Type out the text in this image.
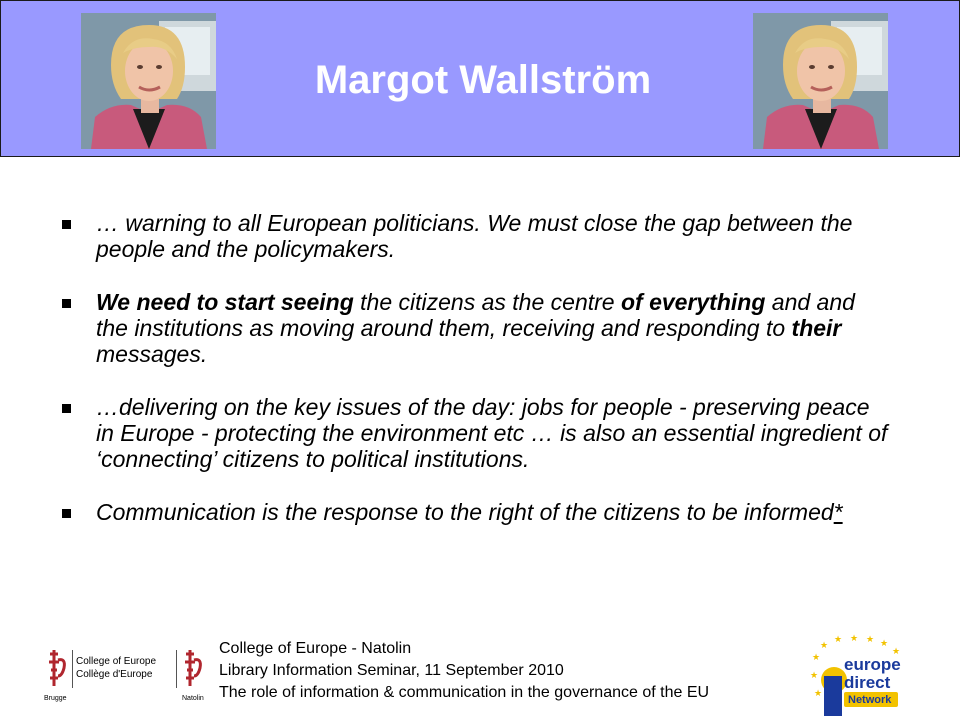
Margot Wallström
… warning to all European politicians. We must close the gap between the people and the policymakers.
We need to start seeing the citizens as the centre of everything and and the institutions as moving around them, receiving and responding to their messages.
…delivering on the key issues of the day: jobs for people - preserving peace in Europe - protecting the environment etc … is also an essential ingredient of ‘connecting’ citizens to political institutions.
Communication is the response to the right of the citizens to be informed*
Brugge
College of Europe
Collège d'Europe
Natolin
College of Europe - Natolin
Library Information Seminar, 11 September 2010
The role of information & communication in the governance of the EU
★
★ ★ ★ ★
★
★
★
★
europe
direct
Network
